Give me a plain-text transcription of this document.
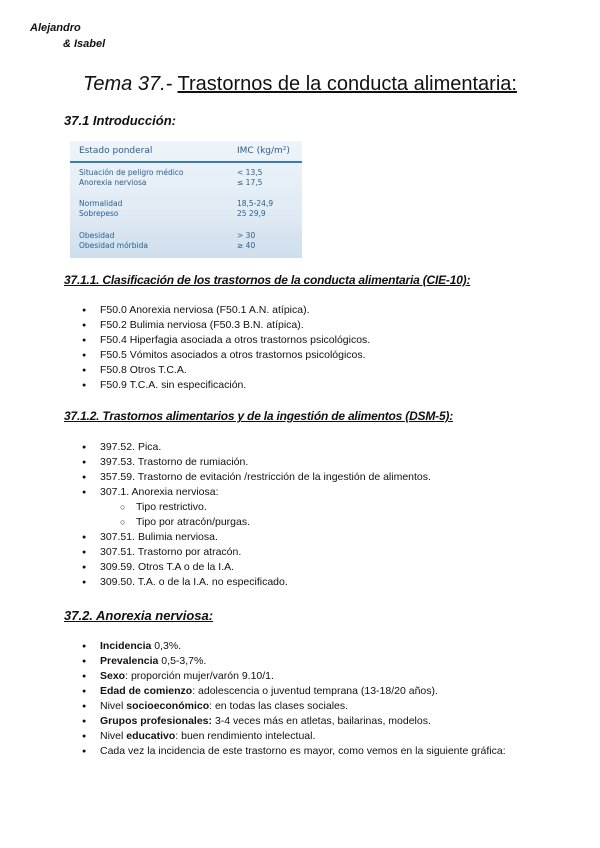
Alejandro
& Isabel
Tema 37.- Trastornos de la conducta alimentaria:
37.1 Introducción:
Estado ponderal	IMC (kg/m²)
Situación de peligro médico	< 13,5
Anorexia nerviosa	≤ 17,5
Normalidad	18,5-24,9
Sobrepeso	25 29,9
Obesidad	> 30
Obesidad mórbida	≥ 40
37.1.1. Clasificación de los trastornos de la conducta alimentaria (CIE-10):
● F50.0 Anorexia nerviosa (F50.1 A.N. atípica).
● F50.2 Bulimia nerviosa (F50.3 B.N. atípica).
● F50.4 Hiperfagia asociada a otros trastornos psicológicos.
● F50.5 Vómitos asociados a otros trastornos psicológicos.
● F50.8 Otros T.C.A.
● F50.9 T.C.A. sin especificación.
37.1.2. Trastornos alimentarios y de la ingestión de alimentos (DSM-5):
● 397.52. Pica.
● 397.53. Trastorno de rumiación.
● 357.59. Trastorno de evitación /restricción de la ingestión de alimentos.
● 307.1. Anorexia nerviosa:
○ Tipo restrictivo.
○ Tipo por atracón/purgas.
● 307.51. Bulimia nerviosa.
● 307.51. Trastorno por atracón.
● 309.59. Otros T.A o de la I.A.
● 309.50. T.A. o de la I.A. no especificado.
37.2. Anorexia nerviosa:
● Incidencia 0,3%.
● Prevalencia 0,5-3,7%.
● Sexo: proporción mujer/varón 9.10/1.
● Edad de comienzo: adolescencia o juventud temprana (13-18/20 años).
● Nivel socioeconómico: en todas las clases sociales.
● Grupos profesionales: 3-4 veces más en atletas, bailarinas, modelos.
● Nivel educativo: buen rendimiento intelectual.
● Cada vez la incidencia de este trastorno es mayor, como vemos en la siguiente gráfica:
